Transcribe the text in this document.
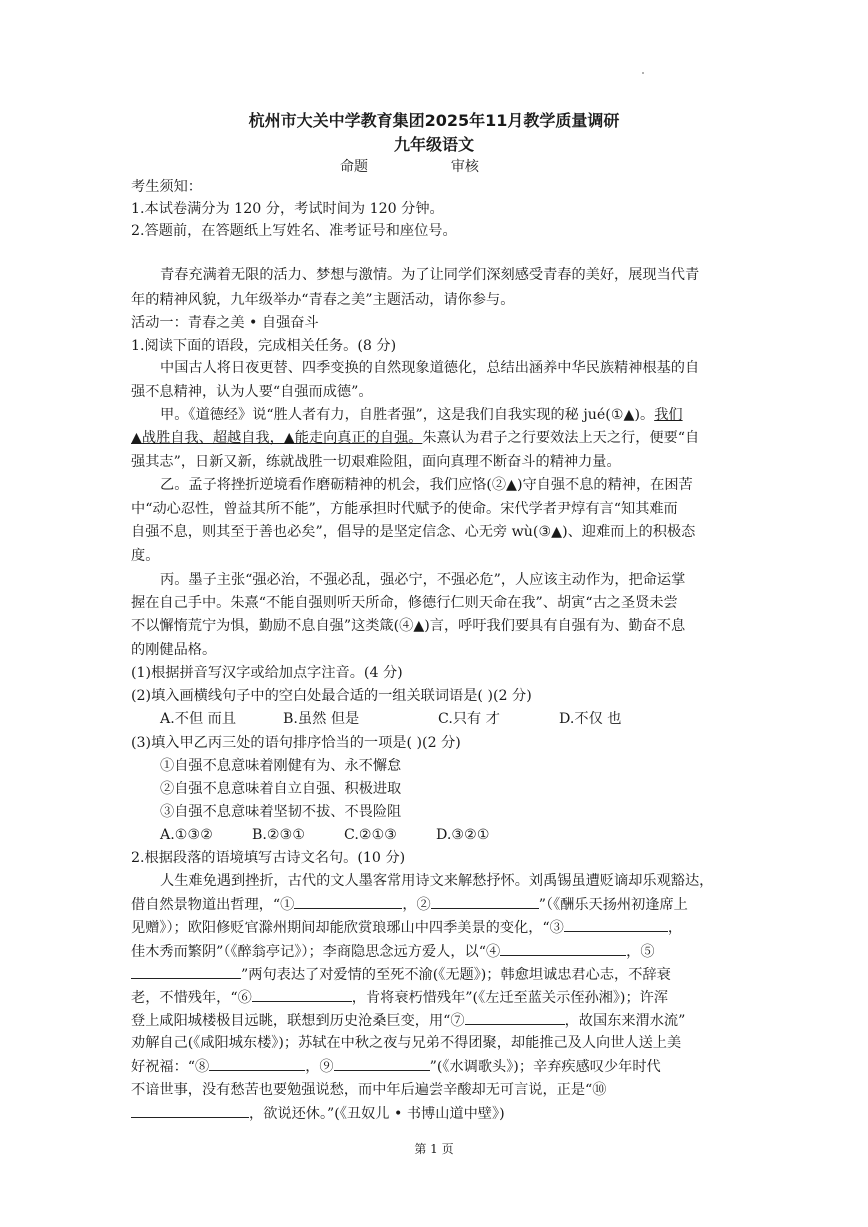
杭州市大关中学教育集团2025年11月教学质量调研
九年级语文
命题	审核
考生须知：
1.本试卷满分为 120 分，考试时间为 120 分钟。
2.答题前，在答题纸上写姓名、准考证号和座位号。
青春充满着无限的活力、梦想与激情。为了让同学们深刻感受青春的美好，展现当代青
年的精神风貌，九年级举办“青春之美”主题活动，请你参与。
活动一：青春之美 • 自强奋斗
1.阅读下面的语段，完成相关任务。(8 分)
中国古人将日夜更替、四季变换的自然现象道德化，总结出涵养中华民族精神根基的自
强不息精神，认为人要“自强而成德”。
甲。《道德经》说“胜人者有力，自胜者强”，这是我们自我实现的秘 jué(①▲)。我们
▲战胜自我、超越自我，▲能走向真正的自强。朱熹认为君子之行要效法上天之行，便要“自
强其志”，日新又新，练就战胜一切艰难险阻，面向真理不断奋斗的精神力量。
乙。孟子将挫折逆境看作磨砺精神的机会，我们应恪(②▲)守自强不息的精神，在困苦
中“动心忍性，曾益其所不能”，方能承担时代赋予的使命。宋代学者尹焞有言“知其难而
自强不息，则其至于善也必矣”，倡导的是坚定信念、心无旁 wù(③▲)、迎难而上的积极态
度。
丙。墨子主张“强必治，不强必乱，强必宁，不强必危”，人应该主动作为，把命运掌
握在自己手中。朱熹“不能自强则听天所命，修德行仁则天命在我”、胡寅“古之圣贤未尝
不以懈惰荒宁为惧，勤励不息自强”这类箴(④▲)言，呼吁我们要具有自强有为、勤奋不息
的刚健品格。
(1)根据拼音写汉字或给加点字注音。(4 分)
(2)填入画横线句子中的空白处最合适的一组关联词语是( )(2 分)
A.不但 而且	B.虽然 但是	C.只有 才	D.不仅 也
(3)填入甲乙丙三处的语句排序恰当的一项是( )(2 分)
①自强不息意味着刚健有为、永不懈怠
②自强不息意味着自立自强、积极进取
③自强不息意味着坚韧不拔、不畏险阻
A.①③②	B.②③①	C.②①③	D.③②①
2.根据段落的语境填写古诗文名句。(10 分)
人生难免遇到挫折，古代的文人墨客常用诗文来解愁抒怀。刘禹锡虽遭贬谪却乐观豁达，
借自然景物道出哲理，“①	，②	”（《酬乐天扬州初逢席上
见赠》）；欧阳修贬官滁州期间却能欣赏琅琊山中四季美景的变化，“③	，
佳木秀而繁阴”（《醉翁亭记》）；李商隐思念远方爱人，以“④	，⑤
”两句表达了对爱情的至死不渝(《无题》)；韩愈坦诚忠君心志，不辞衰
老，不惜残年，“⑥	，肯将衰朽惜残年”(《左迁至蓝关示侄孙湘》)；许浑
登上咸阳城楼极目远眺，联想到历史沧桑巨变，用“⑦	，故国东来渭水流”
劝解自己(《咸阳城东楼》)；苏轼在中秋之夜与兄弟不得团聚，却能推己及人向世人送上美
好祝福：“⑧	，⑨	”(《水调歌头》)；辛弃疾感叹少年时代
不谙世事，没有愁苦也要勉强说愁，而中年后遍尝辛酸却无可言说，正是“⑩
，欲说还休。”(《丑奴儿 • 书博山道中壁》)
第 1 页
